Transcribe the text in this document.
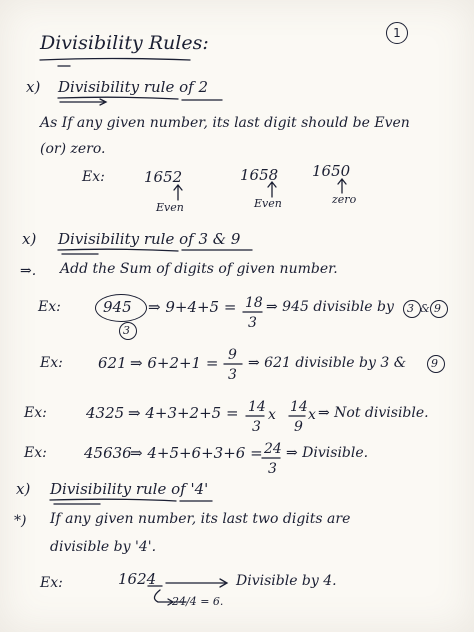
1
Divisibility Rules:
x) Divisibility rule of 2
As If any given number, its last digit should be Even
(or) zero.
Ex:	1652
Even
1658
Even
1650
zero
x) Divisibility rule of 3 & 9
⇒. Add the Sum of digits of given number.
Ex:	945
3
⇒ 9+4+5 = 18
3
⇒ 945 divisible by 3 & 9
Ex: 621 ⇒ 6+2+1 = 9
3
⇒ 621 divisible by 3 & 9
Ex:	4325 ⇒ 4+3+2+5 = 14
3
x 14
9
x ⇒ Not divisible.
Ex: 45636
⇒ 4+5+6+3+6 = 24
3
⇒ Divisible.
x) Divisibility rule of '4'
*) If any given number, its last two digits are
divisible by '4'.
Ex:	1624
24/4 = 6.
Divisible by 4.
